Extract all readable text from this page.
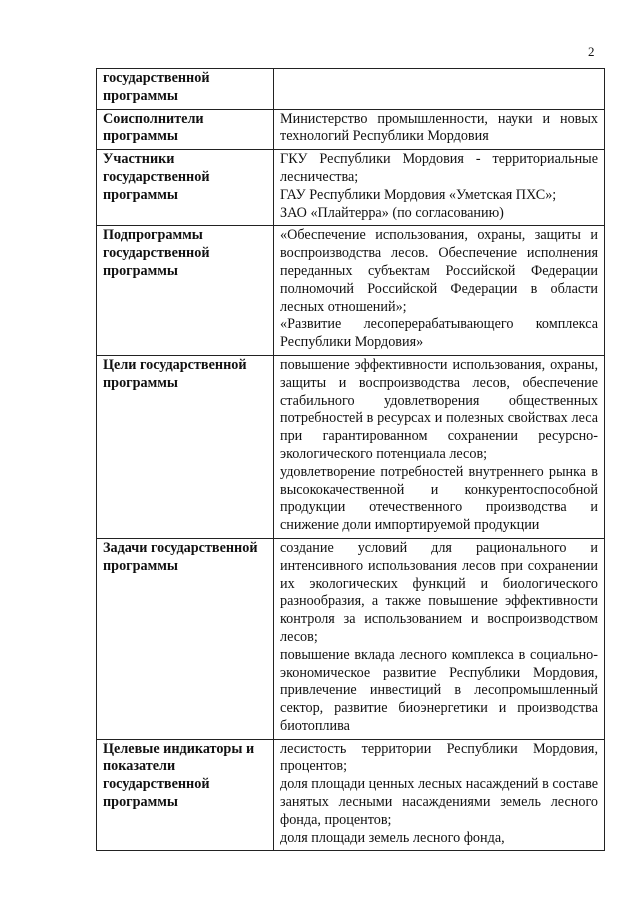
2
государственной программы	
Соисполнители программы	Министерство промышленности, науки и новых технологий Республики Мордовия

Участники государственной программы	ГКУ Республики Мордовия - территориальные лесничества;
ГАУ Республики Мордовия «Уметская ПХС»;
ЗАО «Плайтерра» (по согласованию)

Подпрограммы государственной программы	«Обеспечение использования, охраны, защиты и воспроизводства лесов. Обеспечение исполнения переданных субъектам Российской Федерации полномочий Российской Федерации в области лесных отношений»;
«Развитие лесоперерабатывающего комплекса Республики Мордовия»

Цели государственной программы	повышение эффективности использования, охраны, защиты и воспроизводства лесов, обеспечение стабильного удовлетворения общественных потребностей в ресурсах и полезных свойствах леса при гарантированном сохранении ресурсно-экологического потенциала лесов;
удовлетворение потребностей внутреннего рынка в высококачественной и конкурентоспособной продукции отечественного производства и снижение доли импортируемой продукции

Задачи государственной программы	создание условий для рационального и интенсивного использования лесов при сохранении их экологических функций и биологического разнообразия, а также повышение эффективности контроля за использованием и воспроизводством лесов;
повышение вклада лесного комплекса в социально-экономическое развитие Республики Мордовия, привлечение инвестиций в лесопромышленный сектор, развитие биоэнергетики и производства биотоплива

Целевые индикаторы и показатели государственной программы	лесистость территории Республики Мордовия, процентов;
доля площади ценных лесных насаждений в составе занятых лесными насаждениями земель лесного фонда, процентов;
доля площади земель лесного фонда,
